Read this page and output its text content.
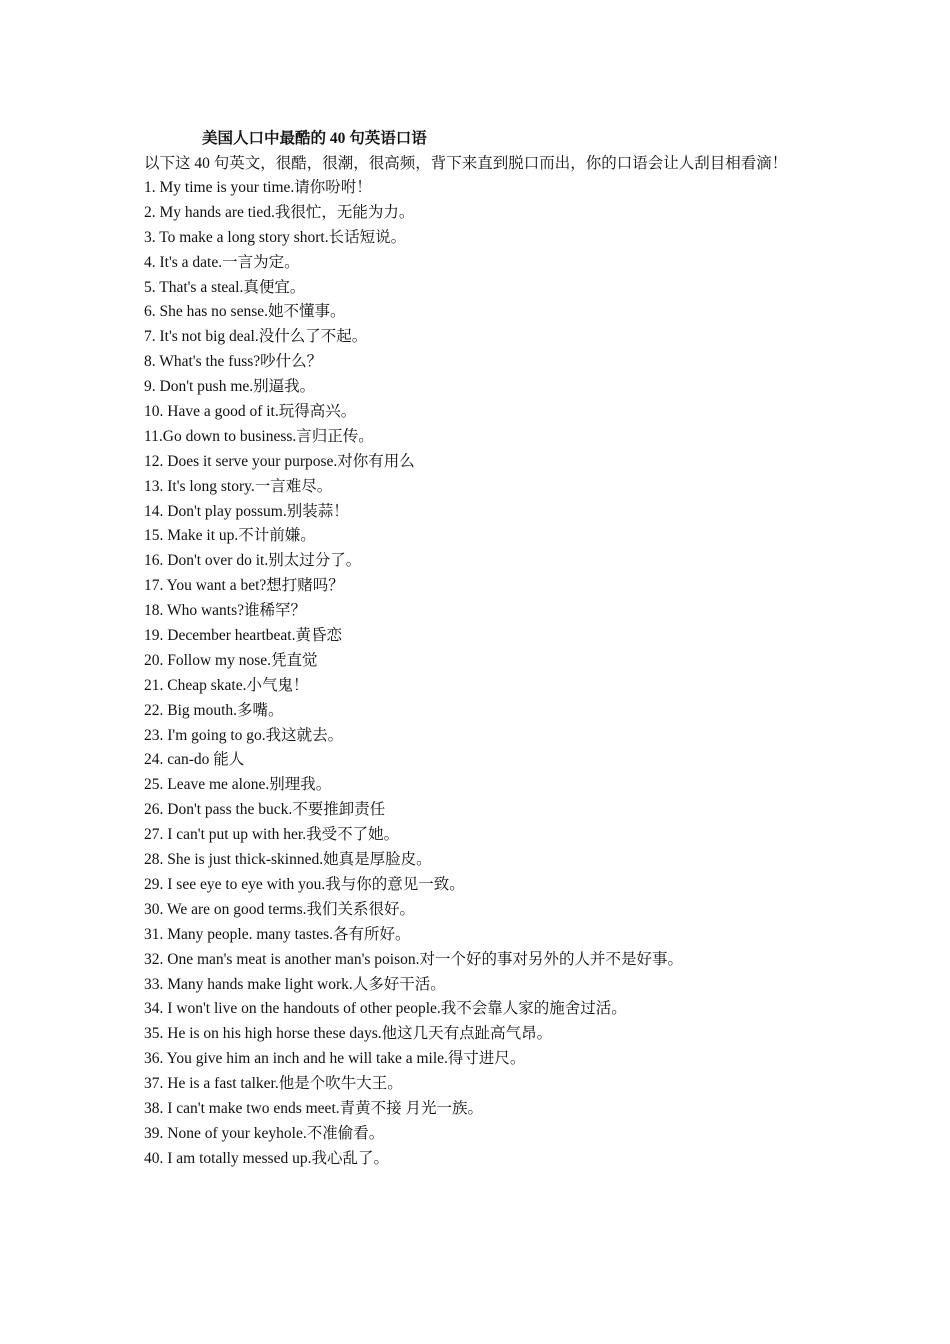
美国人口中最酷的 40 句英语口语
以下这 40 句英文，很酷，很潮，很高频，背下来直到脱口而出，你的口语会让人刮目相看滴！
1. My time is your time.请你吩咐！
2. My hands are tied.我很忙，无能为力。
3. To make a long story short.长话短说。
4. It's a date.一言为定。
5. That's a steal.真便宜。
6. She has no sense.她不懂事。
7. It's not big deal.没什么了不起。
8. What's the fuss?吵什么？
9. Don't push me.别逼我。
10. Have a good of it.玩得高兴。
11.Go down to business.言归正传。
12. Does it serve your purpose.对你有用么
13. It's long story.一言难尽。
14. Don't play possum.别装蒜！
15. Make it up.不计前嫌。
16. Don't over do it.别太过分了。
17. You want a bet?想打赌吗？
18. Who wants?谁稀罕？
19. December heartbeat.黄昏恋
20. Follow my nose.凭直觉
21. Cheap skate.小气鬼！
22. Big mouth.多嘴。
23. I'm going to go.我这就去。
24. can-do 能人
25. Leave me alone.别理我。
26. Don't pass the buck.不要推卸责任
27. I can't put up with her.我受不了她。
28. She is just thick-skinned.她真是厚脸皮。
29. I see eye to eye with you.我与你的意见一致。
30. We are on good terms.我们关系很好。
31. Many people. many tastes.各有所好。
32. One man's meat is another man's poison.对一个好的事对另外的人并不是好事。
33. Many hands make light work.人多好干活。
34. I won't live on the handouts of other people.我不会靠人家的施舍过活。
35. He is on his high horse these days.他这几天有点趾高气昂。
36. You give him an inch and he will take a mile.得寸进尺。
37. He is a fast talker.他是个吹牛大王。
38. I can't make two ends meet.青黄不接 月光一族。
39. None of your keyhole.不准偷看。
40. I am totally messed up.我心乱了。
